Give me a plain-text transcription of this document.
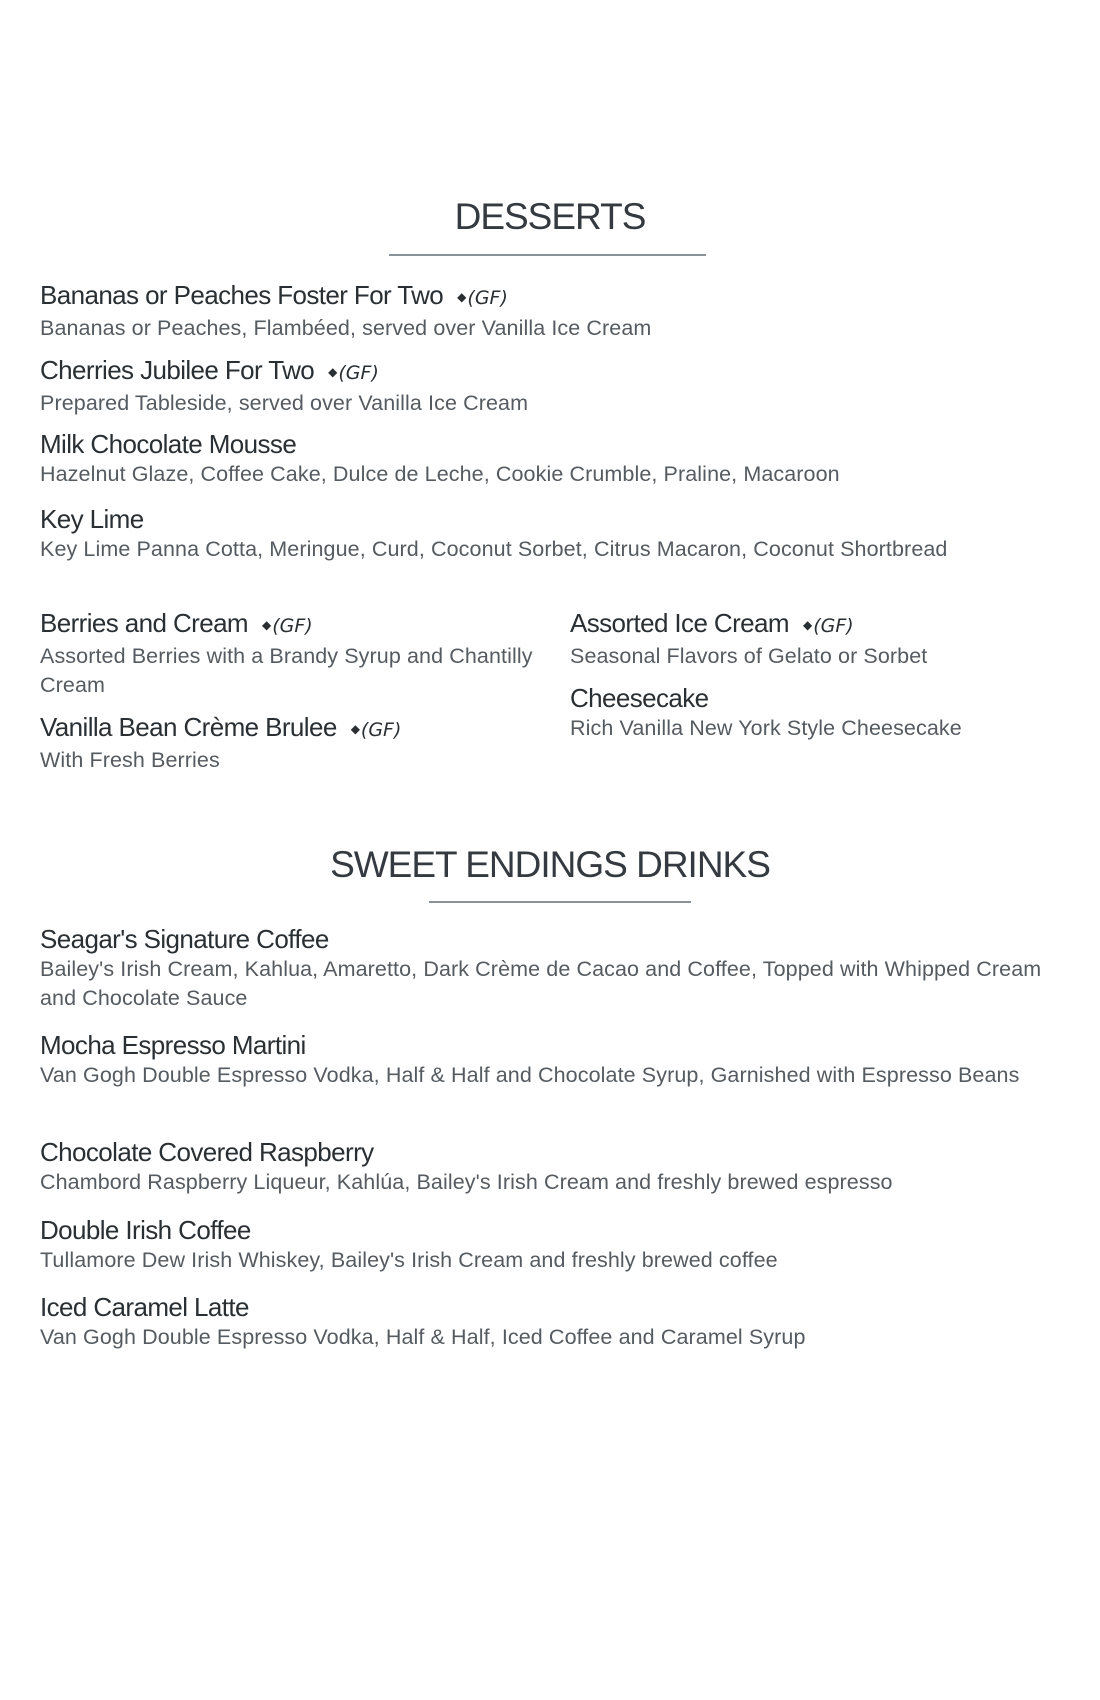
DESSERTS
Bananas or Peaches Foster For Two ◆(GF)

Bananas or Peaches, Flambéed, served over Vanilla Ice Cream

Cherries Jubilee For Two ◆(GF)

Prepared Tableside, served over Vanilla Ice Cream

Milk Chocolate Mousse

Hazelnut Glaze, Coffee Cake, Dulce de Leche, Cookie Crumble, Praline, Macaroon

Key Lime

Key Lime Panna Cotta, Meringue, Curd, Coconut Sorbet, Citrus Macaron, Coconut Shortbread

Berries and Cream ◆(GF)

Assorted Berries with a Brandy Syrup and Chantilly Cream

Vanilla Bean Crème Brulee ◆(GF)

With Fresh Berries

Assorted Ice Cream ◆(GF)

Seasonal Flavors of Gelato or Sorbet

Cheesecake

Rich Vanilla New York Style Cheesecake

SWEET ENDINGS DRINKS
Seagar's Signature Coffee

Bailey's Irish Cream, Kahlua, Amaretto, Dark Crème de Cacao and Coffee, Topped with Whipped Cream and Chocolate Sauce

Mocha Espresso Martini

Van Gogh Double Espresso Vodka, Half & Half and Chocolate Syrup, Garnished with Espresso Beans

Chocolate Covered Raspberry

Chambord Raspberry Liqueur, Kahlúa, Bailey's Irish Cream and freshly brewed espresso

Double Irish Coffee

Tullamore Dew Irish Whiskey, Bailey's Irish Cream and freshly brewed coffee

Iced Caramel Latte

Van Gogh Double Espresso Vodka, Half & Half, Iced Coffee and Caramel Syrup
